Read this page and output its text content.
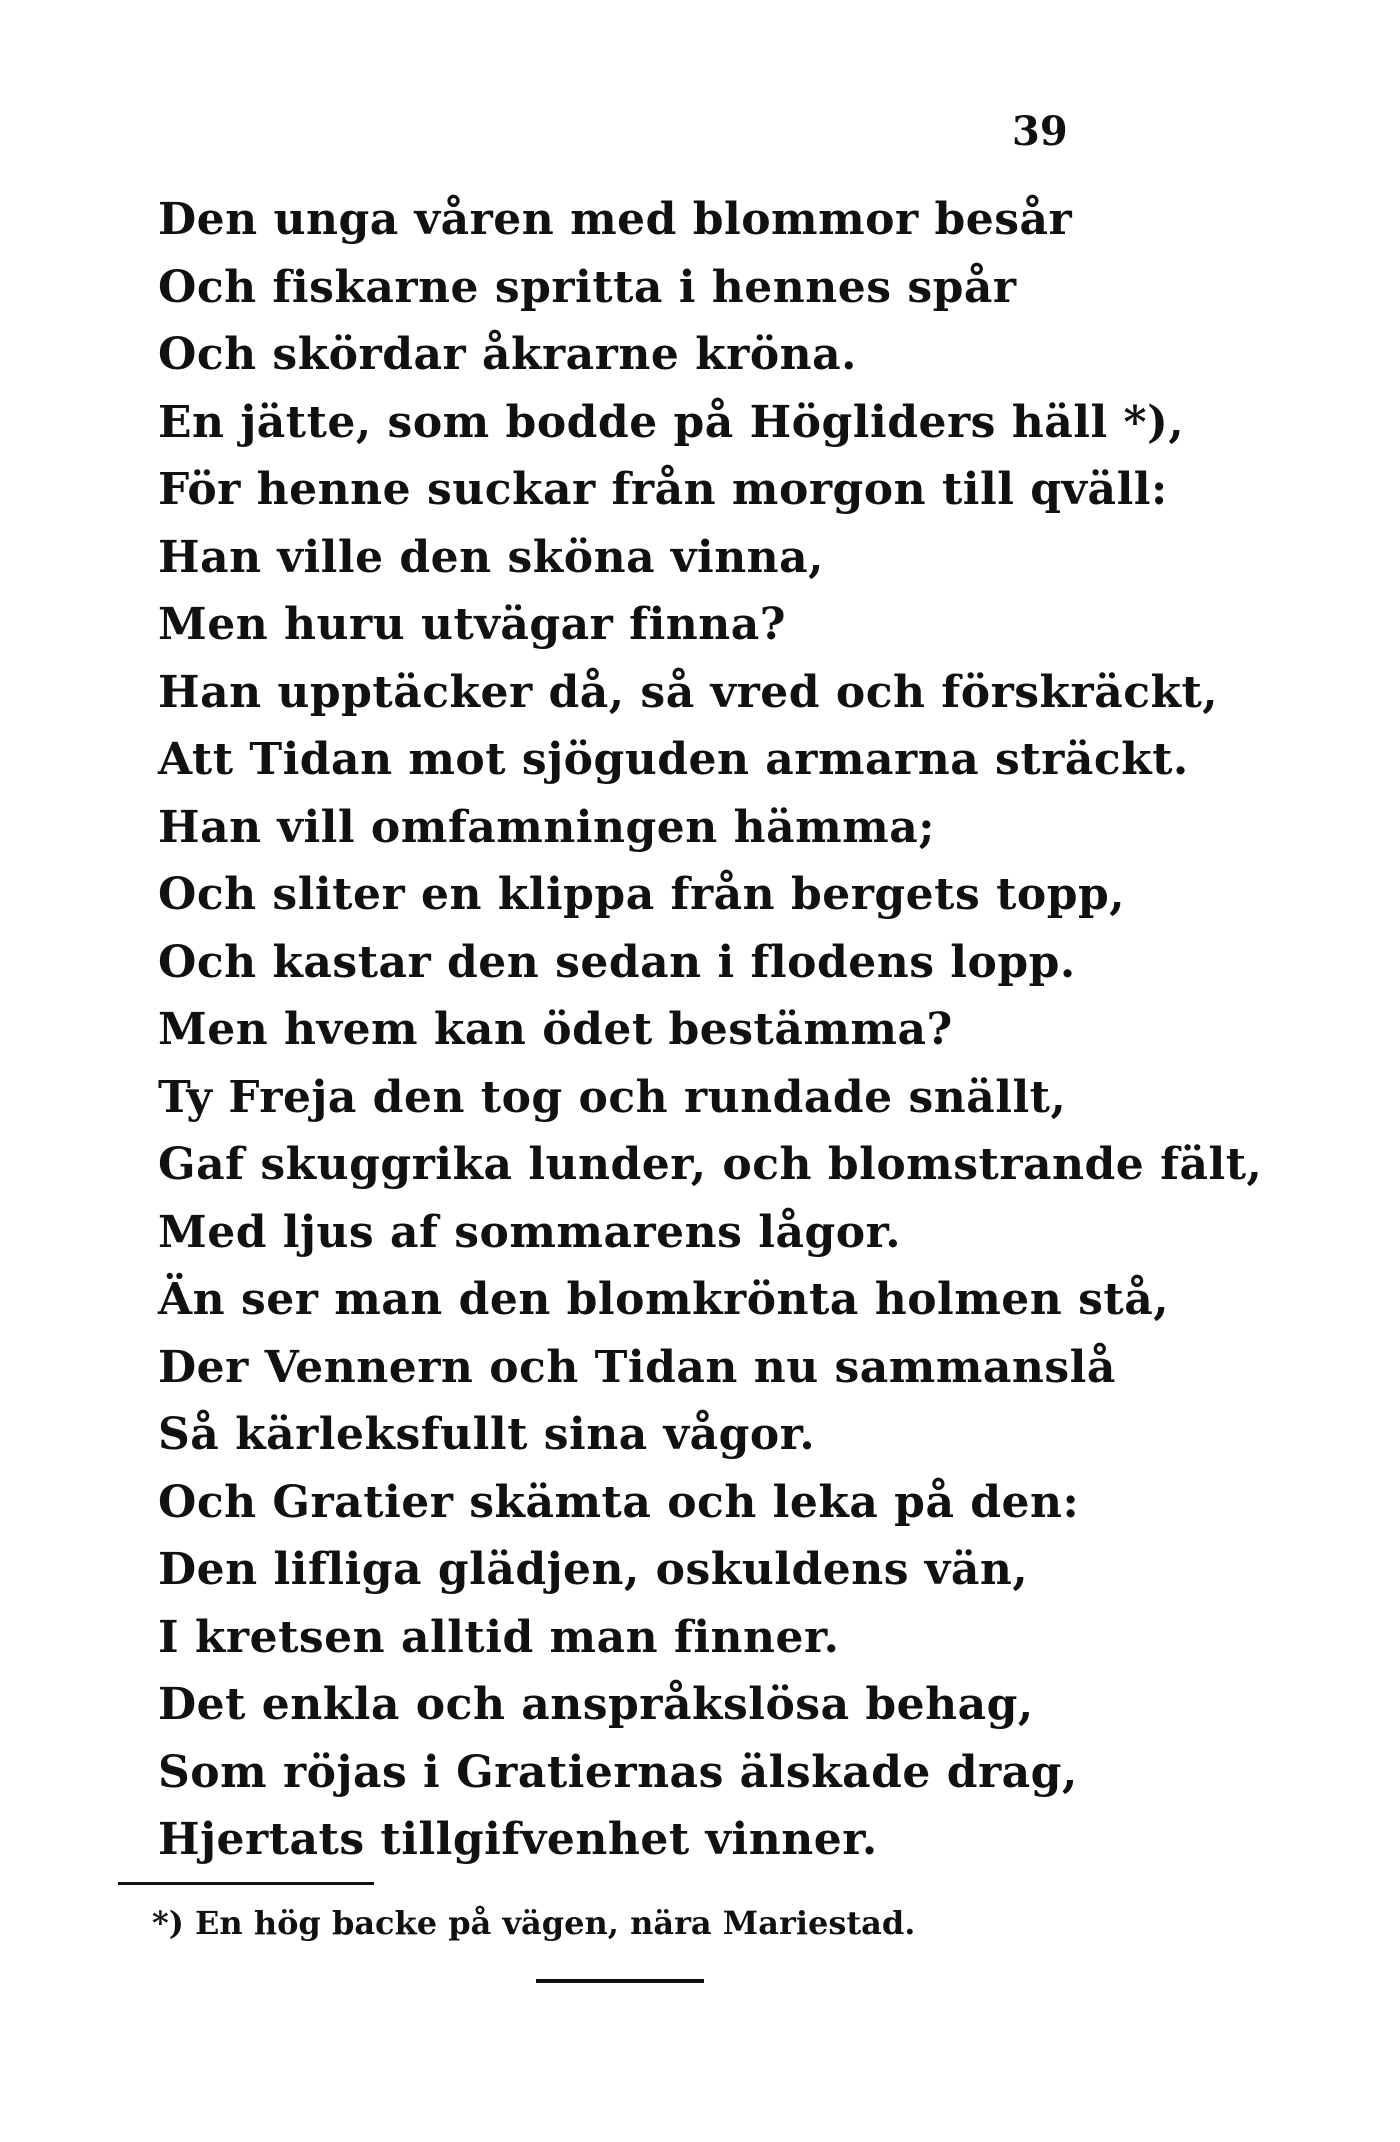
39
Den unga våren med blommor besår
Och fiskarne spritta i hennes spår
Och skördar åkrarne kröna.
En jätte, som bodde på Högliders häll *),
För henne suckar från morgon till qväll:
Han ville den sköna vinna,
Men huru utvägar finna?
Han upptäcker då, så vred och förskräckt,
Att Tidan mot sjöguden armarna sträckt.
Han vill omfamningen hämma;
Och sliter en klippa från bergets topp,
Och kastar den sedan i flodens lopp.
Men hvem kan ödet bestämma?
Ty Freja den tog och rundade snällt,
Gaf skuggrika lunder, och blomstrande fält,
Med ljus af sommarens lågor.
Än ser man den blomkrönta holmen stå,
Der Vennern och Tidan nu sammanslå
Så kärleksfullt sina vågor.
Och Gratier skämta och leka på den:
Den lifliga glädjen, oskuldens vän,
I kretsen alltid man finner.
Det enkla och anspråkslösa behag,
Som röjas i Gratiernas älskade drag,
Hjertats tillgifvenhet vinner.
*) En hög backe på vägen, nära Mariestad.
